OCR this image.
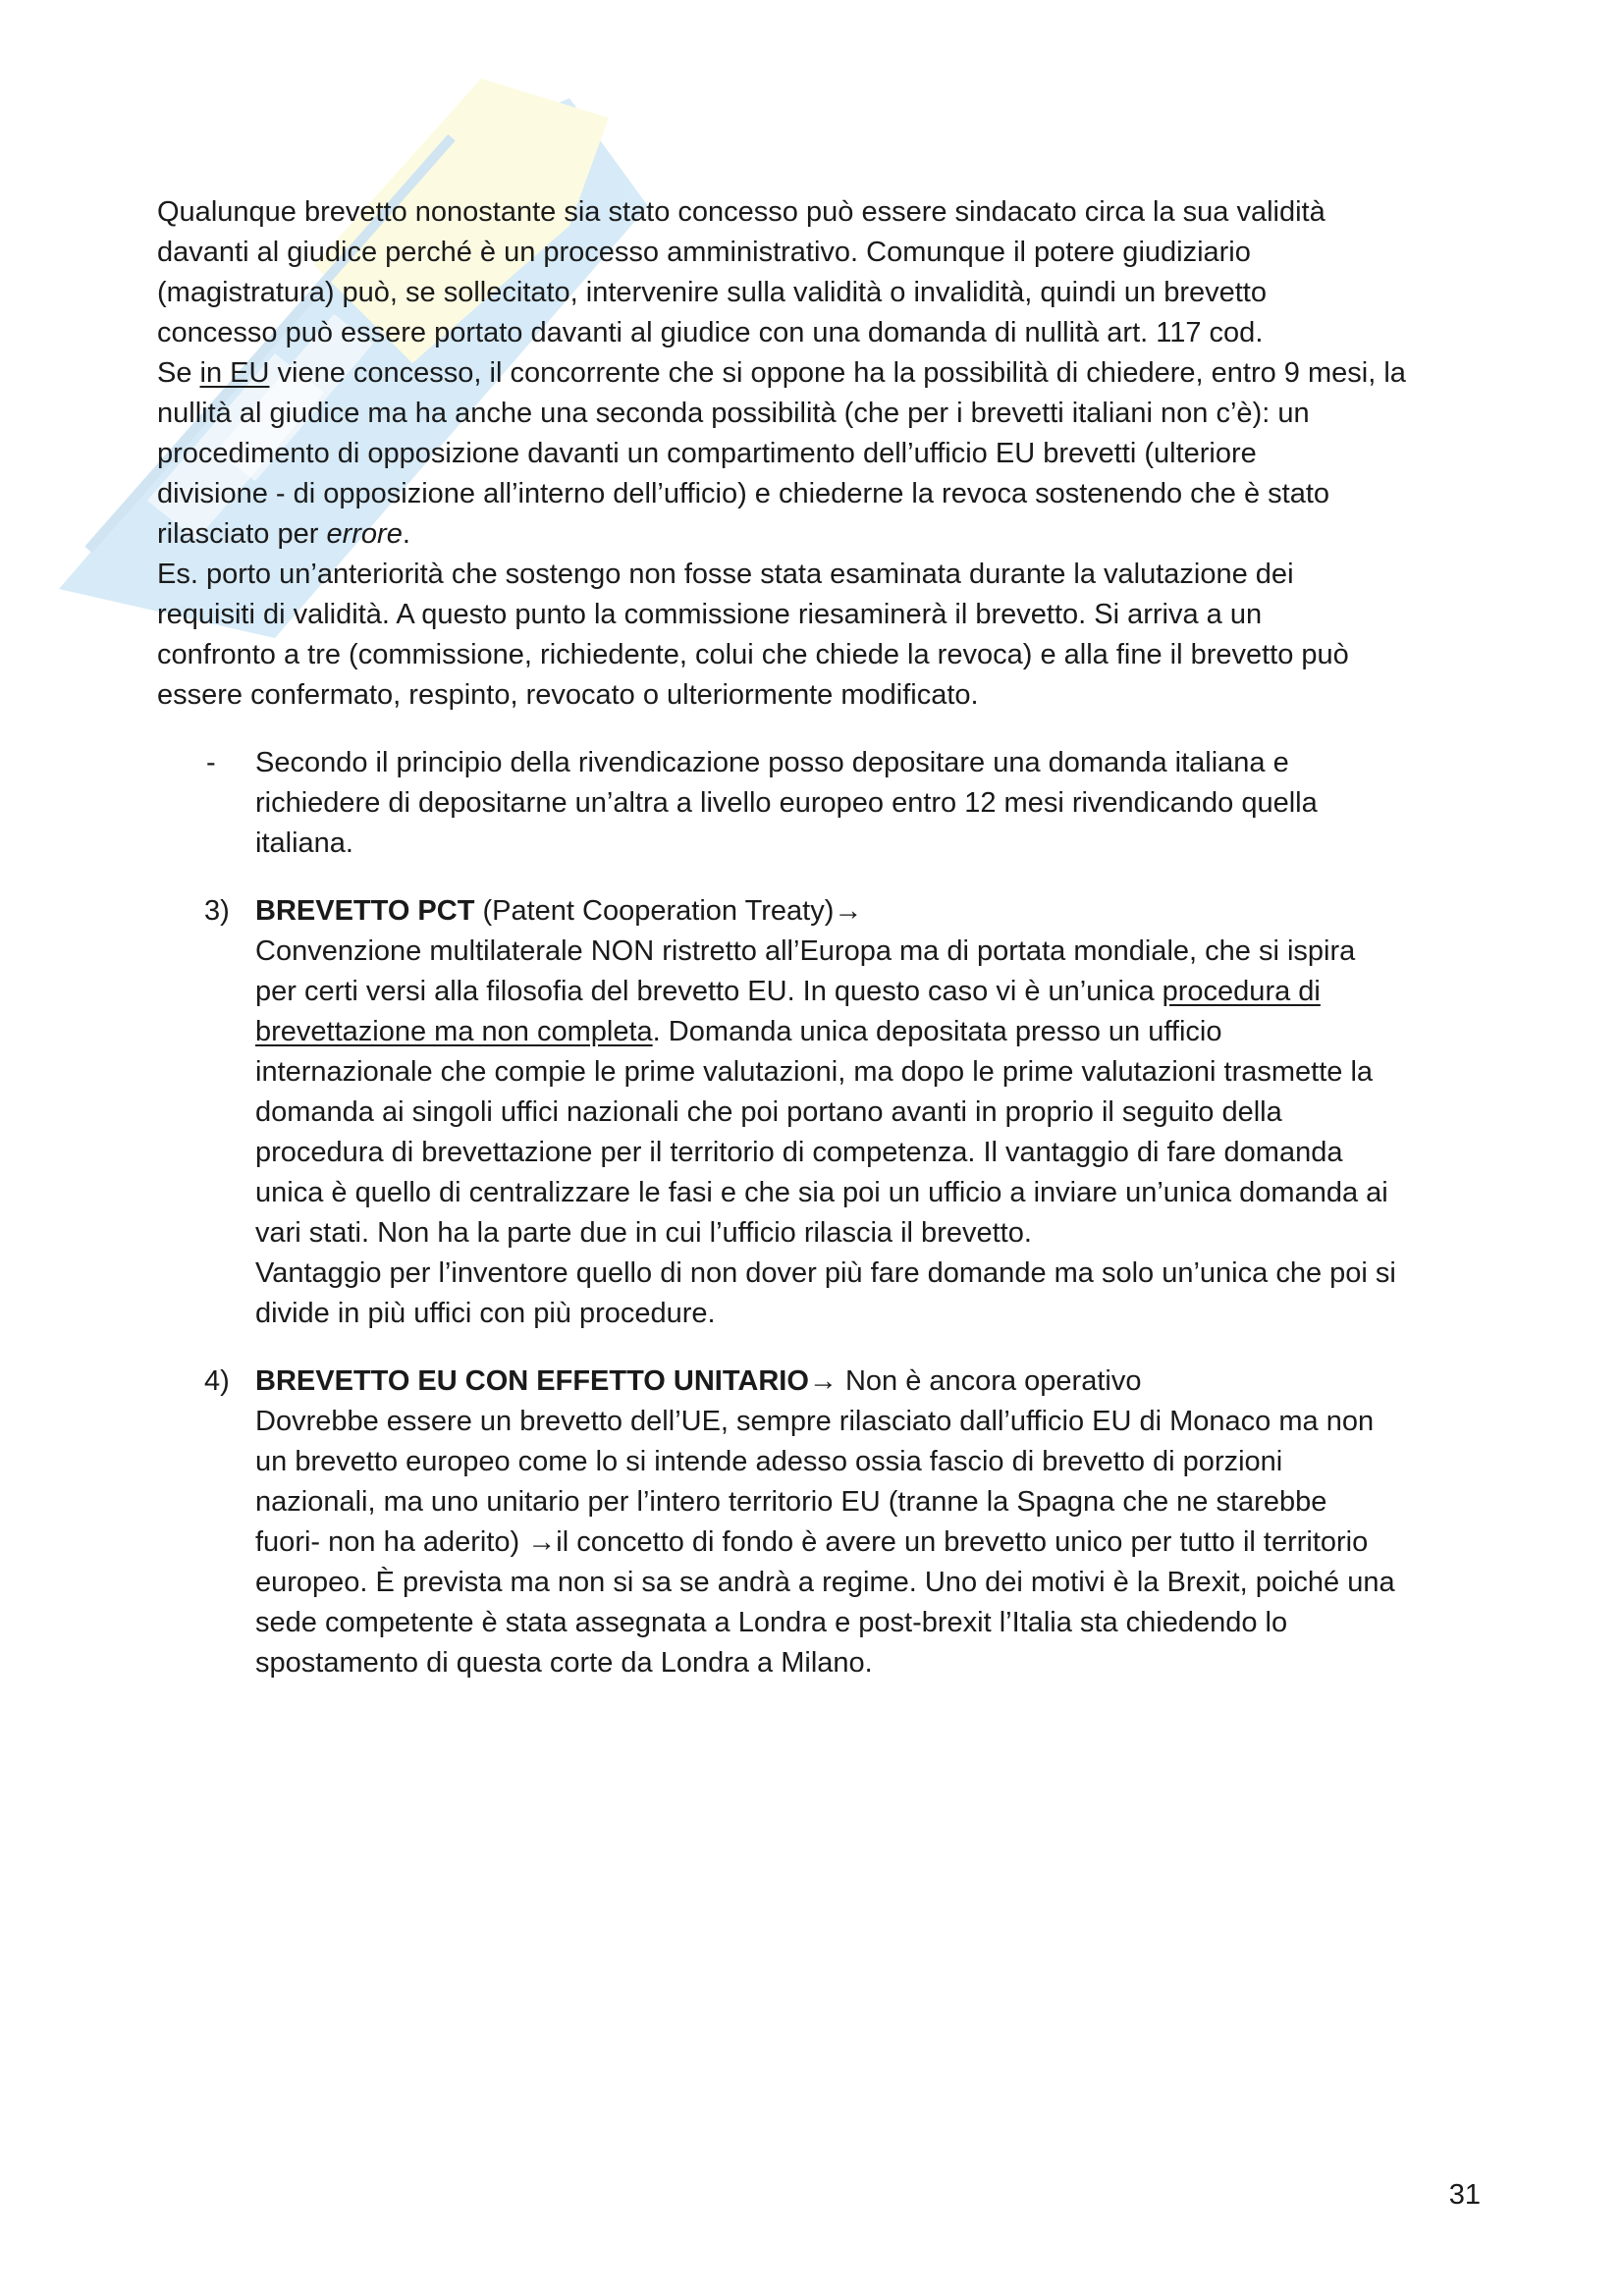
Qualunque brevetto nonostante sia stato concesso può essere sindacato circa la sua validità
davanti al giudice perché è un processo amministrativo. Comunque il potere giudiziario
(magistratura) può, se sollecitato, intervenire sulla validità o invalidità, quindi un brevetto
concesso può essere portato davanti al giudice con una domanda di nullità art. 117 cod.
Se in EU viene concesso, il concorrente che si oppone ha la possibilità di chiedere, entro 9 mesi, la
nullità al giudice ma ha anche una seconda possibilità (che per i brevetti italiani non c’è): un
procedimento di opposizione davanti un compartimento dell’ufficio EU brevetti (ulteriore
divisione - di opposizione all’interno dell’ufficio) e chiederne la revoca sostenendo che è stato
rilasciato per errore.
Es. porto un’anteriorità che sostengo non fosse stata esaminata durante la valutazione dei
requisiti di validità. A questo punto la commissione riesaminerà il brevetto. Si arriva a un
confronto a tre (commissione, richiedente, colui che chiede la revoca) e alla fine il brevetto può
essere confermato, respinto, revocato o ulteriormente modificato.
- Secondo il principio della rivendicazione posso depositare una domanda italiana e
richiedere di depositarne un’altra a livello europeo entro 12 mesi rivendicando quella
italiana.
3) BREVETTO PCT (Patent Cooperation Treaty)→
Convenzione multilaterale NON ristretto all’Europa ma di portata mondiale, che si ispira
per certi versi alla filosofia del brevetto EU. In questo caso vi è un’unica procedura di
brevettazione ma non completa. Domanda unica depositata presso un ufficio
internazionale che compie le prime valutazioni, ma dopo le prime valutazioni trasmette la
domanda ai singoli uffici nazionali che poi portano avanti in proprio il seguito della
procedura di brevettazione per il territorio di competenza. Il vantaggio di fare domanda
unica è quello di centralizzare le fasi e che sia poi un ufficio a inviare un’unica domanda ai
vari stati. Non ha la parte due in cui l’ufficio rilascia il brevetto.
Vantaggio per l’inventore quello di non dover più fare domande ma solo un’unica che poi si
divide in più uffici con più procedure.
4) BREVETTO EU CON EFFETTO UNITARIO→ Non è ancora operativo
Dovrebbe essere un brevetto dell’UE, sempre rilasciato dall’ufficio EU di Monaco ma non
un brevetto europeo come lo si intende adesso ossia fascio di brevetto di porzioni
nazionali, ma uno unitario per l’intero territorio EU (tranne la Spagna che ne starebbe
fuori- non ha aderito) →il concetto di fondo è avere un brevetto unico per tutto il territorio
europeo. È prevista ma non si sa se andrà a regime. Uno dei motivi è la Brexit, poiché una
sede competente è stata assegnata a Londra e post-brexit l’Italia sta chiedendo lo
spostamento di questa corte da Londra a Milano.
31
